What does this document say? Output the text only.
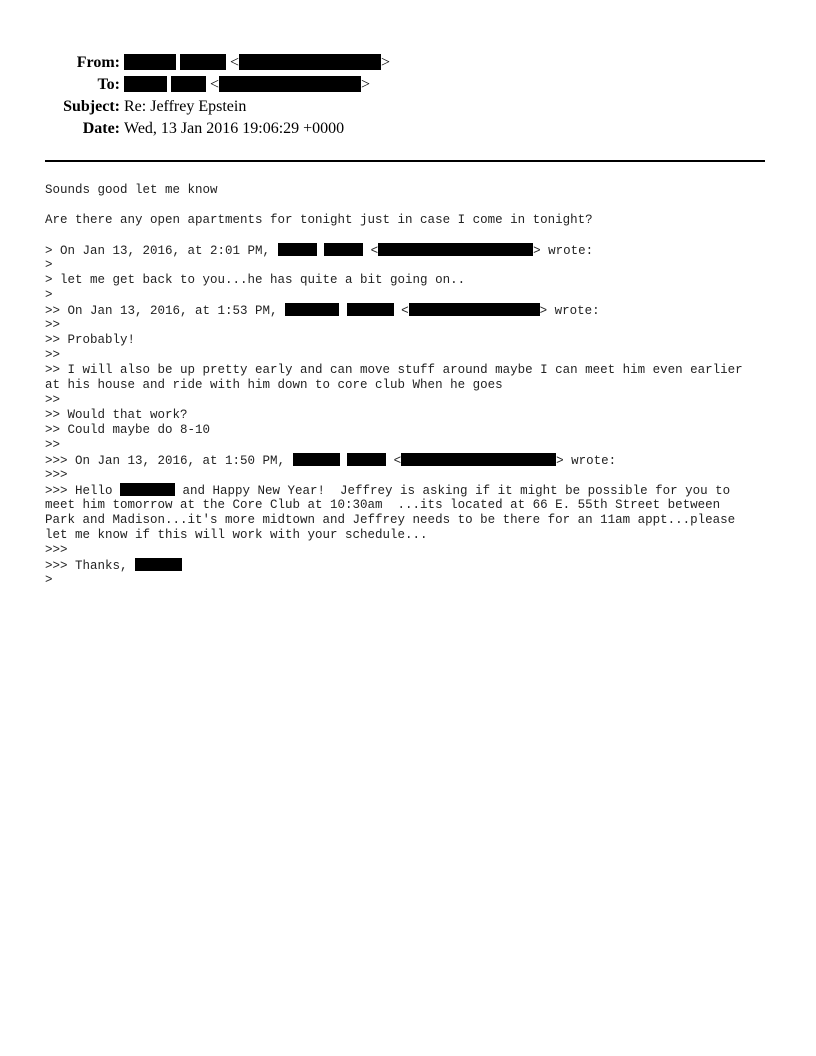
From:	<	>
To:	<	>
Subject: Re: Jeffrey Epstein
Date: Wed, 13 Jan 2016 19:06:29 +0000
Sounds good let me know
Are there any open apartments for tonight just in case I come in tonight?
> On Jan 13, 2016, at 2:01 PM,	<	> wrote:
>
> let me get back to you...he has quite a bit going on..
>
>> On Jan 13, 2016, at 1:53 PM,	<	> wrote:
>>
>> Probably!
>>
>> I will also be up pretty early and can move stuff around maybe I can meet him even earlier
at his house and ride with him down to core club When he goes
>>
>> Would that work?
>> Could maybe do 8-10
>>
>>> On Jan 13, 2016, at 1:50 PM,	<	> wrote:
>>>
>>> Hello	and Happy New Year!  Jeffrey is asking if it might be possible for you to
meet him tomorrow at the Core Club at 10:30am  ...its located at 66 E. 55th Street between
Park and Madison...it's more midtown and Jeffrey needs to be there for an 11am appt...please
let me know if this will work with your schedule...
>>>
>>> Thanks,
>
